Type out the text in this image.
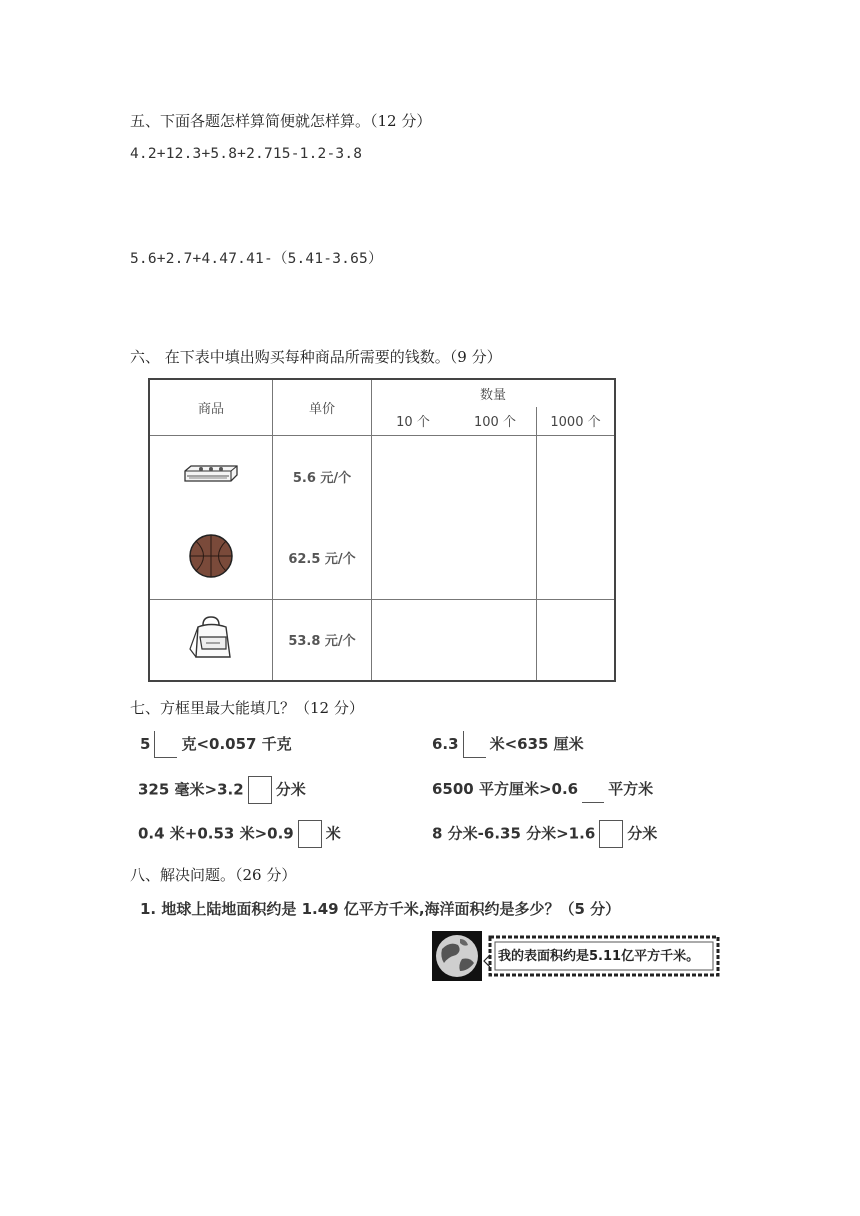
五、下面各题怎样算简便就怎样算。（12 分）
4.2+12.3+5.8+2.715-1.2-3.8
5.6+2.7+4.47.41-（5.41-3.65）
六、 在下表中填出购买每种商品所需要的钱数。（9 分）
商品	单价	数量		
		10 个	100 个	1000 个
	5.6 元/个			
	62.5 元/个			
	53.8 元/个			
七、方框里最大能填几？（12 分）
5 克<0.057 千克	6.3 米<635 厘米
325 毫米>3.2 分米	6500 平方厘米>0.6 平方米
0.4 米+0.53 米>0.9 米	8 分米-6.35 分米>1.6 分米
八、解决问题。（26 分）
1. 地球上陆地面积约是 1.49 亿平方千米,海洋面积约是多少？（5 分）
我的表面积约是5.11亿平方千米。
